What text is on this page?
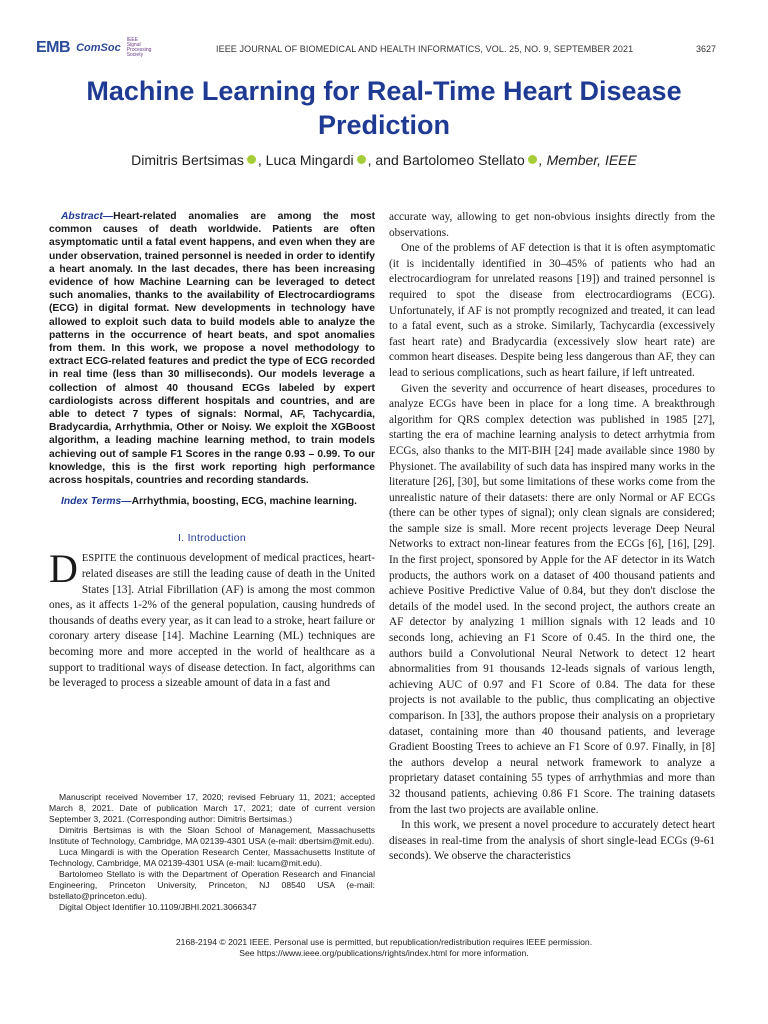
EMB ComSoc
IEEE Signal Processing Society
IEEE JOURNAL OF BIOMEDICAL AND HEALTH INFORMATICS, VOL. 25, NO. 9, SEPTEMBER 2021	3627
Machine Learning for Real-Time Heart Disease Prediction
Dimitris Bertsimas , Luca Mingardi , and Bartolomeo Stellato , Member, IEEE

Abstract—Heart-related anomalies are among the most common causes of death worldwide. Patients are often asymptomatic until a fatal event happens, and even when they are under observation, trained personnel is needed in order to identify a heart anomaly. In the last decades, there has been increasing evidence of how Machine Learning can be leveraged to detect such anomalies, thanks to the availability of Electrocardiograms (ECG) in digital format. New developments in technology have allowed to exploit such data to build models able to analyze the patterns in the occurrence of heart beats, and spot anomalies from them. In this work, we propose a novel methodology to extract ECG-related features and predict the type of ECG recorded in real time (less than 30 milliseconds). Our models leverage a collection of almost 40 thousand ECGs labeled by expert cardiologists across different hospitals and countries, and are able to detect 7 types of signals: Normal, AF, Tachycardia, Bradycardia, Arrhythmia, Other or Noisy. We exploit the XGBoost algorithm, a leading machine learning method, to train models achieving out of sample F1 Scores in the range 0.93 – 0.99. To our knowledge, this is the first work reporting high performance across hospitals, countries and recording standards.

Index Terms—Arrhythmia, boosting, ECG, machine learning.

I. Introduction

DESPITE the continuous development of medical practices, heart-related diseases are still the leading cause of death in the United States [13]. Atrial Fibrillation (AF) is among the most common ones, as it affects 1-2% of the general population, causing hundreds of thousands of deaths every year, as it can lead to a stroke, heart failure or coronary artery disease [14]. Machine Learning (ML) techniques are becoming more and more accepted in the world of healthcare as a support to traditional ways of disease detection. In fact, algorithms can be leveraged to process a sizeable amount of data in a fast and

Manuscript received November 17, 2020; revised February 11, 2021; accepted March 8, 2021. Date of publication March 17, 2021; date of current version September 3, 2021. (Corresponding author: Dimitris Bertsimas.)

Dimitris Bertsimas is with the Sloan School of Management, Massachusetts Institute of Technology, Cambridge, MA 02139-4301 USA (e-mail: dbertsim@mit.edu).

Luca Mingardi is with the Operation Research Center, Massachusetts Institute of Technology, Cambridge, MA 02139-4301 USA (e-mail: lucam@mit.edu).

Bartolomeo Stellato is with the Department of Operation Research and Financial Engineering, Princeton University, Princeton, NJ 08540 USA (e-mail: bstellato@princeton.edu).

Digital Object Identifier 10.1109/JBHI.2021.3066347

accurate way, allowing to get non-obvious insights directly from the observations.

One of the problems of AF detection is that it is often asymptomatic (it is incidentally identified in 30–45% of patients who had an electrocardiogram for unrelated reasons [19]) and trained personnel is required to spot the disease from electrocardiograms (ECG). Unfortunately, if AF is not promptly recognized and treated, it can lead to a fatal event, such as a stroke. Similarly, Tachycardia (excessively fast heart rate) and Bradycardia (excessively slow heart rate) are common heart diseases. Despite being less dangerous than AF, they can lead to serious complications, such as heart failure, if left untreated.

Given the severity and occurrence of heart diseases, procedures to analyze ECGs have been in place for a long time. A breakthrough algorithm for QRS complex detection was published in 1985 [27], starting the era of machine learning analysis to detect arrhytmia from ECGs, also thanks to the MIT-BIH [24] made available since 1980 by Physionet. The availability of such data has inspired many works in the literature [26], [30], but some limitations of these works come from the unrealistic nature of their datasets: there are only Normal or AF ECGs (there can be other types of signal); only clean signals are considered; the sample size is small. More recent projects leverage Deep Neural Networks to extract non-linear features from the ECGs [6], [16], [29]. In the first project, sponsored by Apple for the AF detector in its Watch products, the authors work on a dataset of 400 thousand patients and achieve Positive Predictive Value of 0.84, but they don't disclose the details of the model used. In the second project, the authors create an AF detector by analyzing 1 million signals with 12 leads and 10 seconds long, achieving an F1 Score of 0.45. In the third one, the authors build a Convolutional Neural Network to detect 12 heart abnormalities from 91 thousands 12-leads signals of various length, achieving AUC of 0.97 and F1 Score of 0.84. The data for these projects is not available to the public, thus complicating an objective comparison. In [33], the authors propose their analysis on a proprietary dataset, containing more than 40 thousand patients, and leverage Gradient Boosting Trees to achieve an F1 Score of 0.97. Finally, in [8] the authors develop a neural network framework to analyze a proprietary dataset containing 55 types of arrhythmias and more than 32 thousand patients, achieving 0.86 F1 Score. The training datasets from the last two projects are available online.

In this work, we present a novel procedure to accurately detect heart diseases in real-time from the analysis of short single-lead ECGs (9-61 seconds). We observe the characteristics

2168-2194 © 2021 IEEE. Personal use is permitted, but republication/redistribution requires IEEE permission.
See https://www.ieee.org/publications/rights/index.html for more information.
